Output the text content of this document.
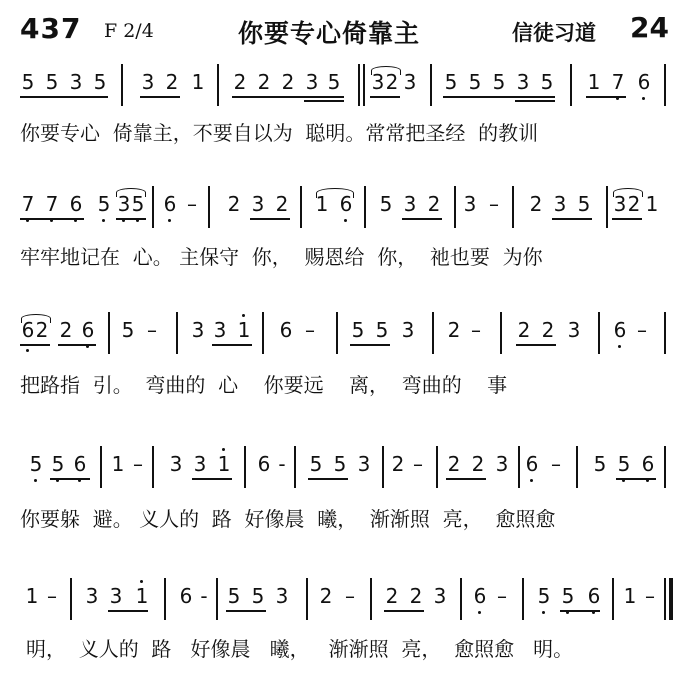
437 F 2/4	你要专心倚靠主	信徒习道 24
5 5 3 5 3 2 1 2 2 2 3 5 3 2 3 5 5 5 3 5 1 7 6
你要专心  倚靠主，不要自以为  聪明。常常把圣经  的教训
7 7 6 5 3 5 6 – 2 3 2 1 6 5 3 2 3 – 2 3 5 3 2 1
牢牢地记在  心。 主保守  你，  赐恩给  你，  祂也要  为你
6 2 2 6 5 – 3 3 1 6 – 5 5 3 2 – 2 2 3 6 –
把路指  引。  弯曲的  心    你要远    离，  弯曲的    事
5 5 6 1 – 3 3 1 6 - 5 5 3 2 – 2 2 3 6 – 5 5 6
你要躲  避。 义人的  路  好像晨  曦，  渐渐照  亮，  愈照愈
1 – 3 3 1 6 - 5 5 3 2 – 2 2 3 6 – 5 5 6 1 –
明，  义人的  路   好像晨   曦，   渐渐照  亮，  愈照愈   明。
